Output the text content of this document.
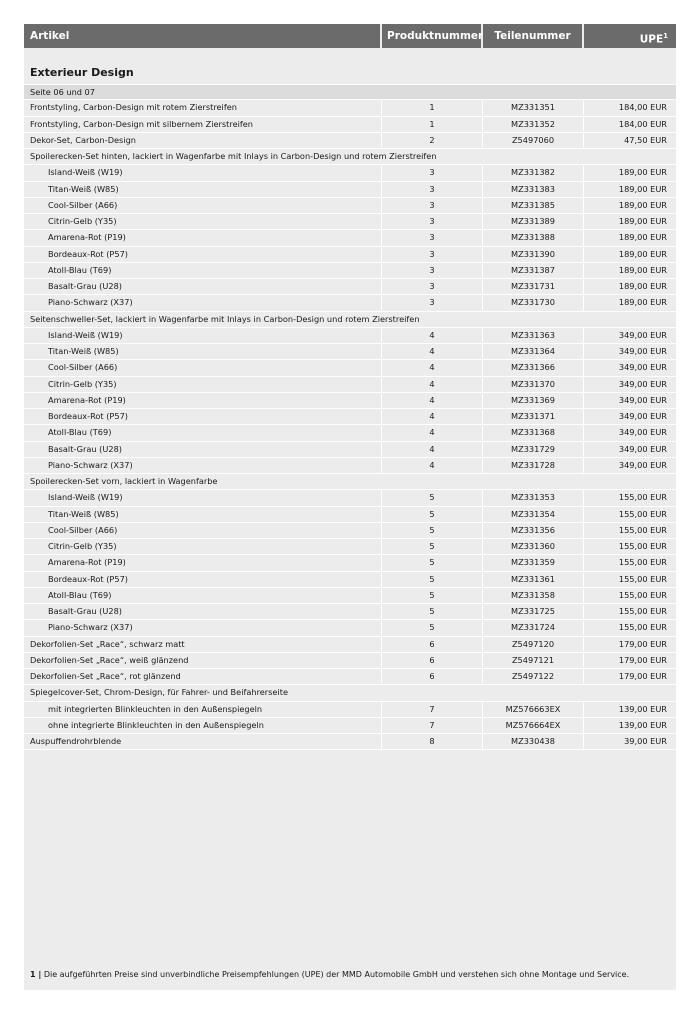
Artikel	Produktnummer	Teilenummer	UPE$^1$
Exterieur Design
Seite 06 und 07
Frontstyling, Carbon-Design mit rotem Zierstreifen	1	MZ331351	184,00 EUR
Frontstyling, Carbon-Design mit silbernem Zierstreifen	1	MZ331352	184,00 EUR
Dekor-Set, Carbon-Design	2	Z5497060	47,50 EUR
Spoilerecken-Set hinten, lackiert in Wagenfarbe mit Inlays in Carbon-Design und rotem Zierstreifen
Island-Weiß (W19)	3	MZ331382	189,00 EUR
Titan-Weiß (W85)	3	MZ331383	189,00 EUR
Cool-Silber (A66)	3	MZ331385	189,00 EUR
Citrin-Gelb (Y35)	3	MZ331389	189,00 EUR
Amarena-Rot (P19)	3	MZ331388	189,00 EUR
Bordeaux-Rot (P57)	3	MZ331390	189,00 EUR
Atoll-Blau (T69)	3	MZ331387	189,00 EUR
Basalt-Grau (U28)	3	MZ331731	189,00 EUR
Piano-Schwarz (X37)	3	MZ331730	189,00 EUR
Seitenschweller-Set, lackiert in Wagenfarbe mit Inlays in Carbon-Design und rotem Zierstreifen
Island-Weiß (W19)	4	MZ331363	349,00 EUR
Titan-Weiß (W85)	4	MZ331364	349,00 EUR
Cool-Silber (A66)	4	MZ331366	349,00 EUR
Citrin-Gelb (Y35)	4	MZ331370	349,00 EUR
Amarena-Rot (P19)	4	MZ331369	349,00 EUR
Bordeaux-Rot (P57)	4	MZ331371	349,00 EUR
Atoll-Blau (T69)	4	MZ331368	349,00 EUR
Basalt-Grau (U28)	4	MZ331729	349,00 EUR
Piano-Schwarz (X37)	4	MZ331728	349,00 EUR
Spoilerecken-Set vorn, lackiert in Wagenfarbe
Island-Weiß (W19)	5	MZ331353	155,00 EUR
Titan-Weiß (W85)	5	MZ331354	155,00 EUR
Cool-Silber (A66)	5	MZ331356	155,00 EUR
Citrin-Gelb (Y35)	5	MZ331360	155,00 EUR
Amarena-Rot (P19)	5	MZ331359	155,00 EUR
Bordeaux-Rot (P57)	5	MZ331361	155,00 EUR
Atoll-Blau (T69)	5	MZ331358	155,00 EUR
Basalt-Grau (U28)	5	MZ331725	155,00 EUR
Piano-Schwarz (X37)	5	MZ331724	155,00 EUR
Dekorfolien-Set „Race“, schwarz matt	6	Z5497120	179,00 EUR
Dekorfolien-Set „Race“, weiß glänzend	6	Z5497121	179,00 EUR
Dekorfolien-Set „Race“, rot glänzend	6	Z5497122	179,00 EUR
Spiegelcover-Set, Chrom-Design, für Fahrer- und Beifahrerseite
mit integrierten Blinkleuchten in den Außenspiegeln	7	MZ576663EX	139,00 EUR
ohne integrierte Blinkleuchten in den Außenspiegeln	7	MZ576664EX	139,00 EUR
Auspuffendrohrblende	8	MZ330438	39,00 EUR
1 | Die aufgeführten Preise sind unverbindliche Preisempfehlungen (UPE) der MMD Automobile GmbH und verstehen sich ohne Montage und Service.
